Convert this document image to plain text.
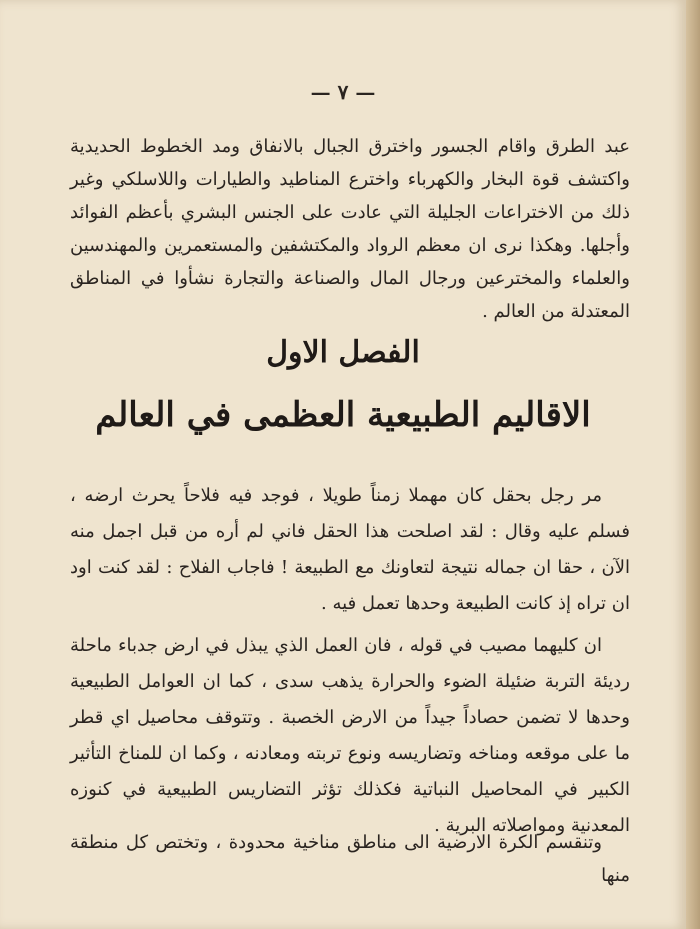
— ٧ —

عبد الطرق واقام الجسور واخترق الجبال بالانفاق ومد الخطوط الحديدية واكتشف قوة البخار والكهرباء واخترع المناطيد والطيارات واللاسلكي وغير ذلك من الاختراعات الجليلة التي عادت على الجنس البشري بأعظم الفوائد وأجلها. وهكذا نرى ان معظم الرواد والمكتشفين والمستعمرين والمهندسين والعلماء والمخترعين ورجال المال والصناعة والتجارة نشأوا في المناطق المعتدلة من العالم .

الفصل الاول
الاقاليم الطبيعية العظمى في العالم

مر رجل بحقل كان مهملا زمناً طويلا ، فوجد فيه فلاحاً يحرث ارضه ، فسلم عليه وقال : لقد اصلحت هذا الحقل فاني لم أره من قبل اجمل منه الآن ، حقا ان جماله نتيجة لتعاونك مع الطبيعة ! فاجاب الفلاح : لقد كنت اود ان تراه إذ كانت الطبيعة وحدها تعمل فيه .

ان كليهما مصيب في قوله ، فان العمل الذي يبذل في ارض جدباء ماحلة رديئة التربة ضئيلة الضوء والحرارة يذهب سدى ، كما ان العوامل الطبيعية وحدها لا تضمن حصاداً جيداً من الارض الخصبة . وتتوقف محاصيل اي قطر ما على موقعه ومناخه وتضاريسه ونوع تربته ومعادنه ، وكما ان للمناخ التأثير الكبير في المحاصيل النباتية فكذلك تؤثر التضاريس الطبيعية في كنوزه المعدنية ومواصلاته البرية .

وتنقسم الكرة الارضية الى مناطق مناخية محدودة ، وتختص كل منطقة منها
